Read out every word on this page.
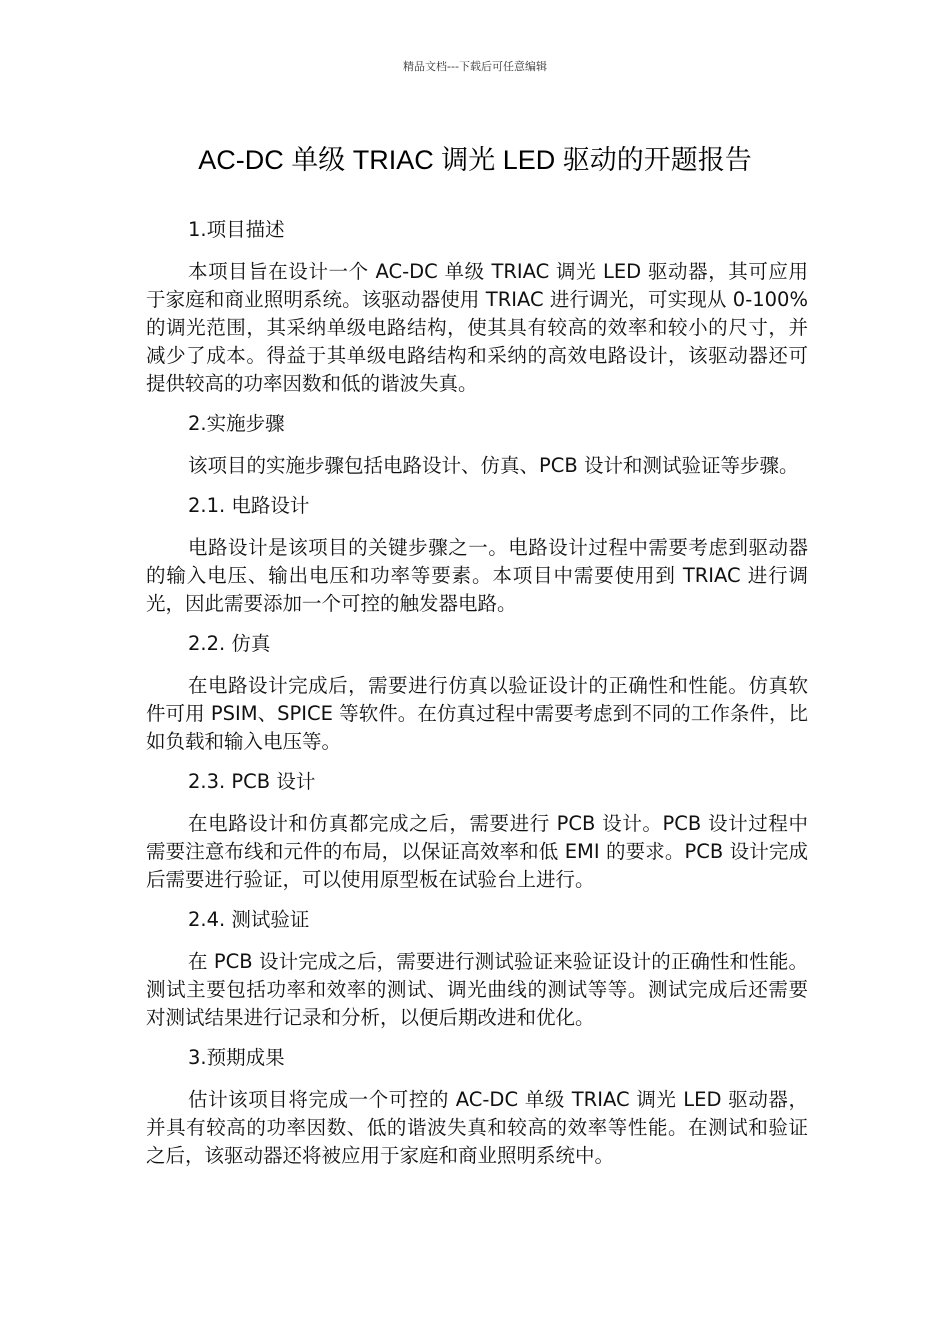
精品文档---下载后可任意编辑
AC-DC 单级 TRIAC 调光 LED 驱动的开题报告
1.项目描述

本项目旨在设计一个 AC-DC 单级 TRIAC 调光 LED 驱动器，其可应用于家庭和商业照明系统。该驱动器使用 TRIAC 进行调光，可实现从 0-100%的调光范围，其采纳单级电路结构，使其具有较高的效率和较小的尺寸，并减少了成本。得益于其单级电路结构和采纳的高效电路设计，该驱动器还可提供较高的功率因数和低的谐波失真。

2.实施步骤

该项目的实施步骤包括电路设计、仿真、PCB 设计和测试验证等步骤。

2.1. 电路设计

电路设计是该项目的关键步骤之一。电路设计过程中需要考虑到驱动器的输入电压、输出电压和功率等要素。本项目中需要使用到 TRIAC 进行调光，因此需要添加一个可控的触发器电路。

2.2. 仿真

在电路设计完成后，需要进行仿真以验证设计的正确性和性能。仿真软件可用 PSIM、SPICE 等软件。在仿真过程中需要考虑到不同的工作条件，比如负载和输入电压等。

2.3. PCB 设计

在电路设计和仿真都完成之后，需要进行 PCB 设计。PCB 设计过程中需要注意布线和元件的布局，以保证高效率和低 EMI 的要求。PCB 设计完成后需要进行验证，可以使用原型板在试验台上进行。

2.4. 测试验证

在 PCB 设计完成之后，需要进行测试验证来验证设计的正确性和性能。测试主要包括功率和效率的测试、调光曲线的测试等等。测试完成后还需要对测试结果进行记录和分析，以便后期改进和优化。

3.预期成果

估计该项目将完成一个可控的 AC-DC 单级 TRIAC 调光 LED 驱动器，并具有较高的功率因数、低的谐波失真和较高的效率等性能。在测试和验证之后，该驱动器还将被应用于家庭和商业照明系统中。
